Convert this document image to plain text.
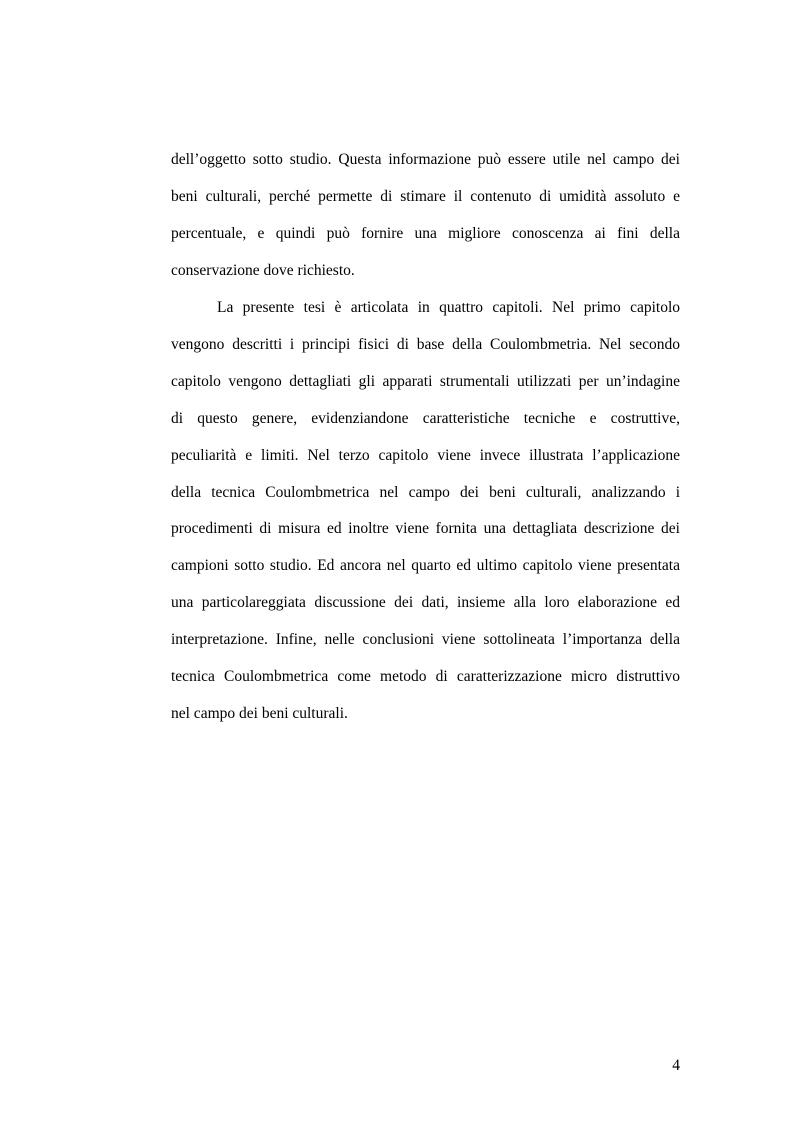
dell’oggetto sotto studio. Questa informazione può essere utile nel campo dei
beni culturali, perché permette di stimare il contenuto di umidità assoluto e
percentuale, e quindi può fornire una migliore conoscenza ai fini della
conservazione dove richiesto.
La presente tesi è articolata in quattro capitoli. Nel primo capitolo
vengono descritti i principi fisici di base della Coulombmetria. Nel secondo
capitolo vengono dettagliati gli apparati strumentali utilizzati per un’indagine
di questo genere, evidenziandone caratteristiche tecniche e costruttive,
peculiarità e limiti. Nel terzo capitolo viene invece illustrata l’applicazione
della tecnica Coulombmetrica nel campo dei beni culturali, analizzando i
procedimenti di misura ed inoltre viene fornita una dettagliata descrizione dei
campioni sotto studio. Ed ancora nel quarto ed ultimo capitolo viene presentata
una particolareggiata discussione dei dati, insieme alla loro elaborazione ed
interpretazione. Infine, nelle conclusioni viene sottolineata l’importanza della
tecnica Coulombmetrica come metodo di caratterizzazione micro distruttivo
nel campo dei beni culturali.
4
